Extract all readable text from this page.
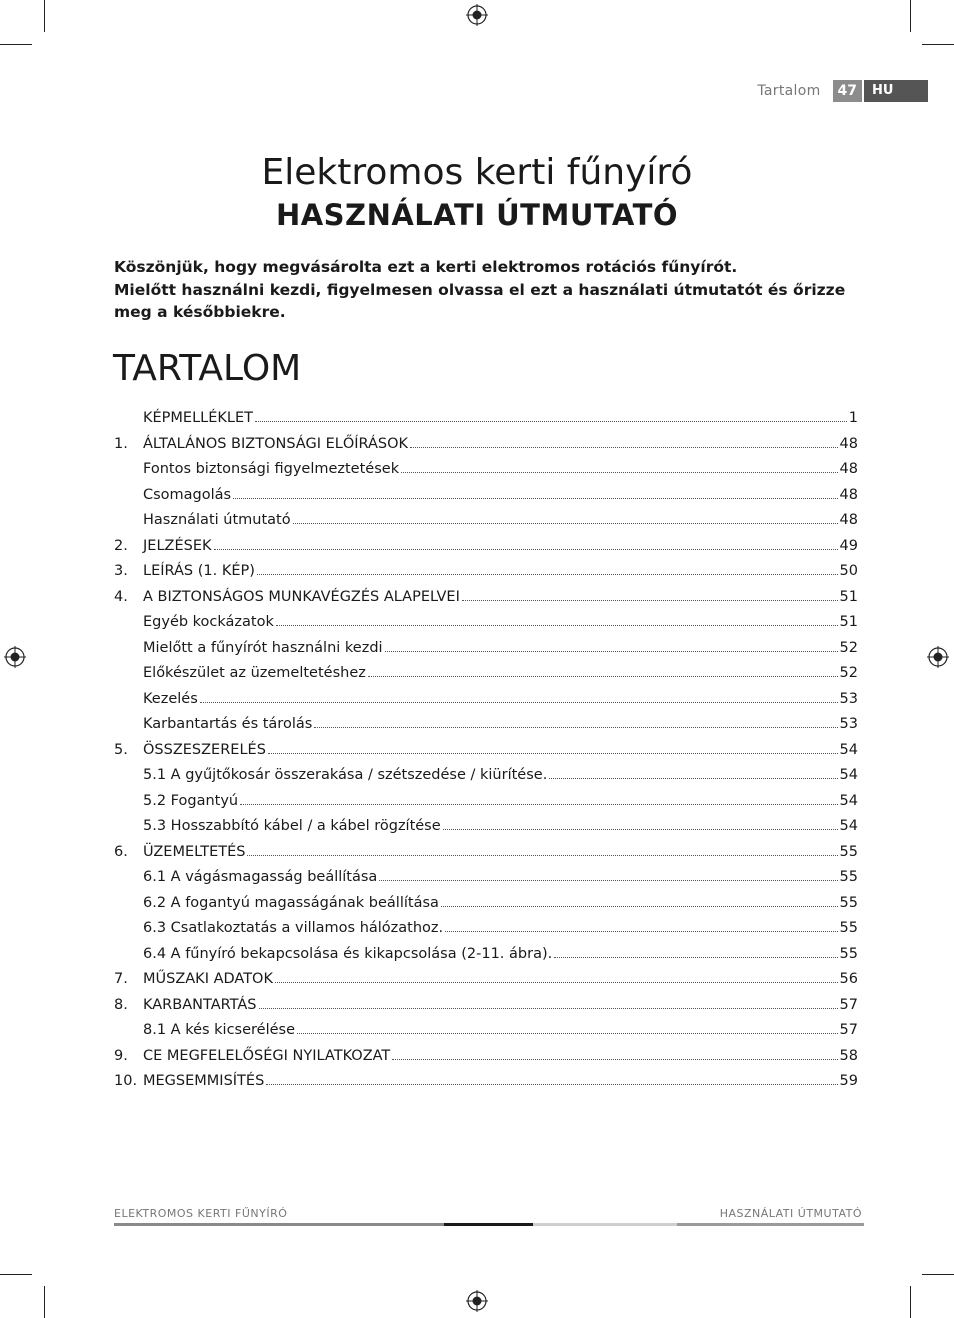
Tartalom	47	HU
Elektromos kerti fűnyíró
HASZNÁLATI ÚTMUTATÓ

Köszönjük, hogy megvásárolta ezt a kerti elektromos rotációs fűnyírót.

Mielőtt használni kezdi, figyelmesen olvassa el ezt a használati útmutatót és őrizze meg a későbbiekre.

TARTALOM
KÉPMELLÉKLET	1
1.	ÁLTALÁNOS BIZTONSÁGI ELŐÍRÁSOK	48
Fontos biztonsági figyelmeztetések	48
Csomagolás	48
Használati útmutató	48
2.	JELZÉSEK	49
3.	LEÍRÁS (1. KÉP)	50
4.	A BIZTONSÁGOS MUNKAVÉGZÉS ALAPELVEI	51
Egyéb kockázatok	51
Mielőtt a fűnyírót használni kezdi	52
Előkészület az üzemeltetéshez	52
Kezelés	53
Karbantartás és tárolás	53
5.	ÖSSZESZERELÉS	54
5.1 A gyűjtőkosár összerakása / szétszedése / kiürítése.	54
5.2 Fogantyú	54
5.3 Hosszabbító kábel / a kábel rögzítése	54
6.	ÜZEMELTETÉS	55
6.1 A vágásmagasság beállítása	55
6.2 A fogantyú magasságának beállítása	55
6.3 Csatlakoztatás a villamos hálózathoz.	55
6.4 A fűnyíró bekapcsolása és kikapcsolása (2-11. ábra).	55
7.	MŰSZAKI ADATOK	56
8.	KARBANTARTÁS	57
8.1 A kés kicserélése	57
9.	CE MEGFELELŐSÉGI NYILATKOZAT	58
10. MEGSEMMISÍTÉS	59
ELEKTROMOS KERTI FŰNYÍRÓ	HASZNÁLATI ÚTMUTATÓ
